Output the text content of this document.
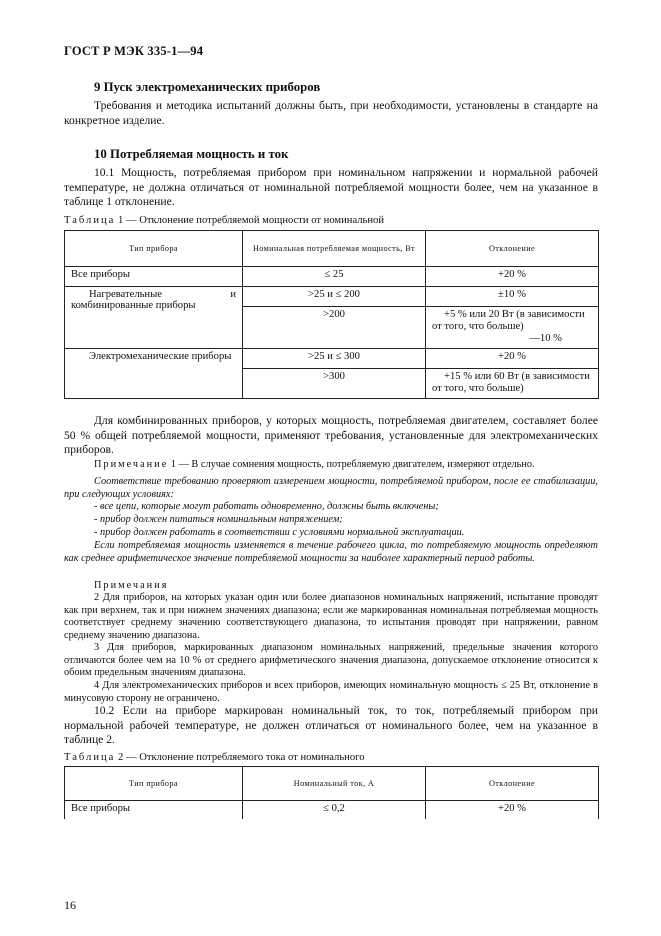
ГОСТ Р МЭК 335-1—94
9 Пуск электромеханических приборов
Требования и методика испытаний должны быть, при необходимости, установлены в стандарте на конкретное изделие.
10 Потребляемая мощность и ток
10.1 Мощность, потребляемая прибором при номинальном напряжении и нормальной рабочей температуре, не должна отличаться от номинальной потребляемой мощности более, чем на указанное в таблице 1 отклонение.
Таблица 1 — Отклонение потребляемой мощности от номинальной
Тип прибора	Номинальная потребляемая мощность, Вт	Отклонение
Все приборы	≤ 25	+20 %
Нагревательные и комбинированные приборы	>25 и ≤ 200	±10 %
	>200	+5 % или 20 Вт (в зависимости от того, что больше)
—10 %

Электромеханические приборы	>25 и ≤ 300	+20 %
	>300	+15 % или 60 Вт (в зависимости от того, что больше)
Для комбинированных приборов, у которых мощность, потребляемая двигателем, составляет более 50 % общей потребляемой мощности, применяют требования, установленные для электромеханических приборов.
Примечание 1 — В случае сомнения мощность, потребляемую двигателем, измеряют отдельно.
Соответствие требованию проверяют измерением мощности, потребляемой прибором, после ее стабилизации, при следующих условиях:
- все цепи, которые могут работать одновременно, должны быть включены;
- прибор должен питаться номинальным напряжением;
- прибор должен работать в соответствии с условиями нормальной эксплуатации.
Если потребляемая мощность изменяется в течение рабочего цикла, то потребляемую мощность определяют как среднее арифметическое значение потребляемой мощности за наиболее характерный период работы.
Примечания
2 Для приборов, на которых указан один или более диапазонов номинальных напряжений, испытание проводят как при верхнем, так и при нижнем значениях диапазона; если же маркированная номинальная потребляемая мощность соответствует среднему значению соответствующего диапазона, то испытания проводят при напряжении, равном среднему значению диапазона.
3 Для приборов, маркированных диапазоном номинальных напряжений, предельные значения которого отличаются более чем на 10 % от среднего арифметического значения диапазона, допускаемое отклонение относится к обоим предельным значениям диапазона.
4 Для электромеханических приборов и всех приборов, имеющих номинальную мощность ≤ 25 Вт, отклонение в минусовую сторону не ограничено.
10.2 Если на приборе маркирован номинальный ток, то ток, потребляемый прибором при нормальной рабочей температуре, не должен отличаться от номинального более, чем на указанное в таблице 2.
Таблица 2 — Отклонение потребляемого тока от номинального
Тип прибора	Номинальный ток, А	Отклонение
Все приборы	≤ 0,2	+20 %
16
